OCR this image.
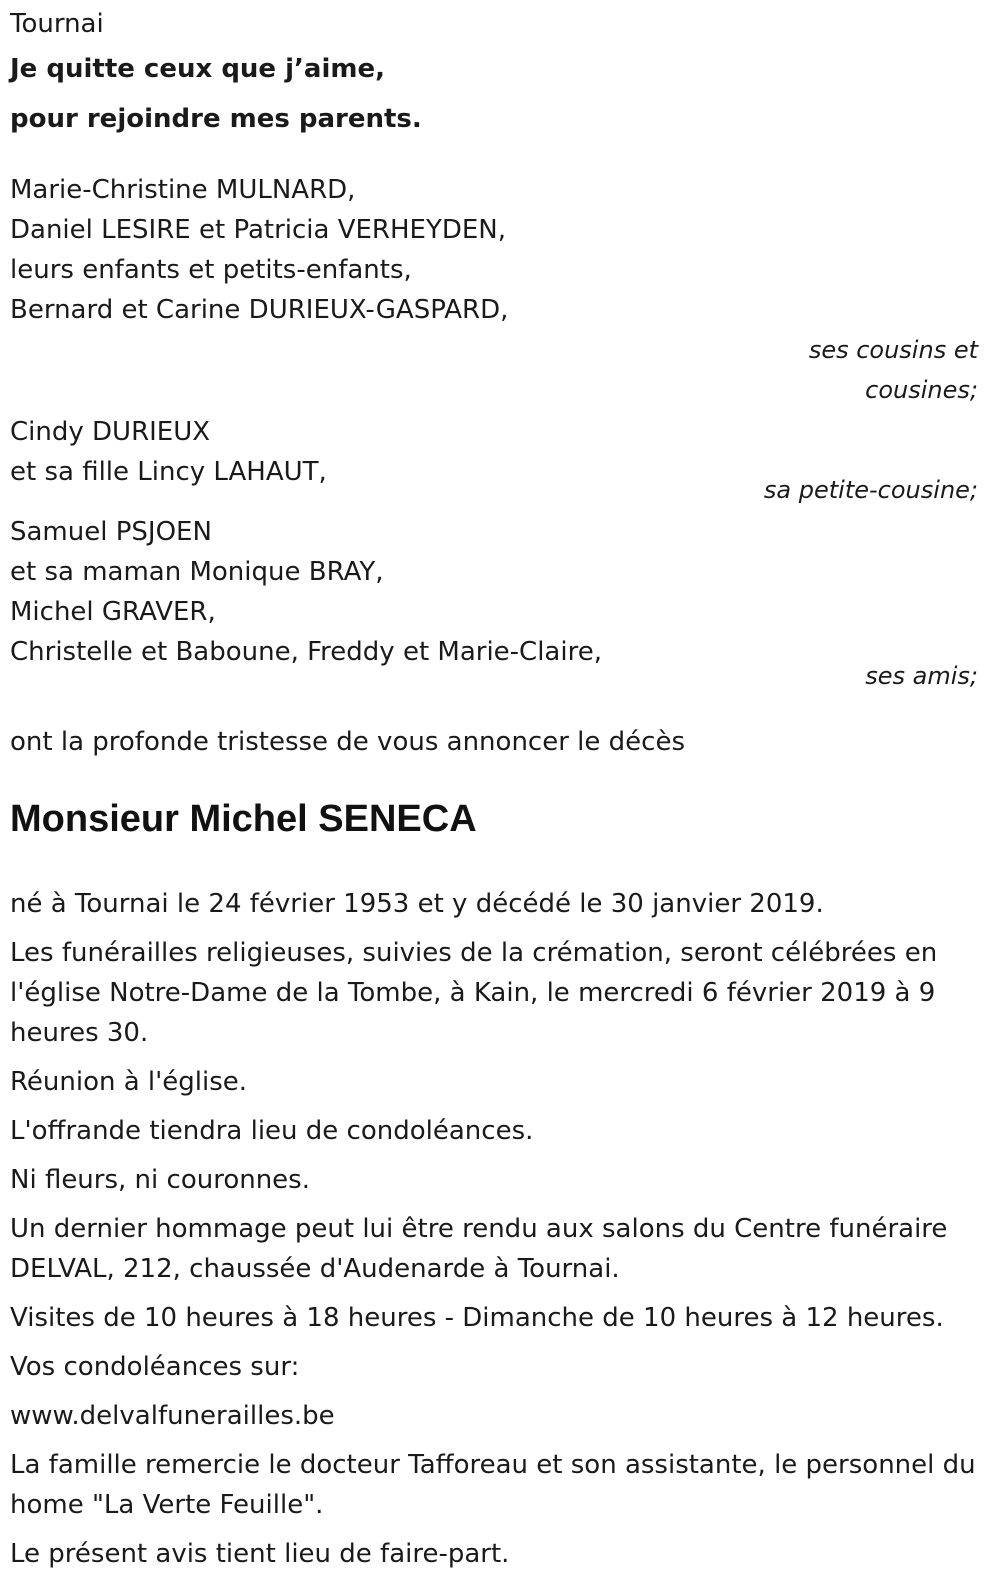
Tournai
Je quitte ceux que j’aime,
pour rejoindre mes parents.
Marie-Christine MULNARD,
Daniel LESIRE et Patricia VERHEYDEN,
leurs enfants et petits-enfants,
Bernard et Carine DURIEUX-GASPARD,
ses cousins et
cousines;
Cindy DURIEUX
et sa fille Lincy LAHAUT,
sa petite-cousine;
Samuel PSJOEN
et sa maman Monique BRAY,
Michel GRAVER,
Christelle et Baboune, Freddy et Marie-Claire,
ses amis;
ont la profonde tristesse de vous annoncer le décès
Monsieur Michel SENECA
né à Tournai le 24 février 1953 et y décédé le 30 janvier 2019.
Les funérailles religieuses, suivies de la crémation, seront célébrées en l'église Notre-Dame de la Tombe, à Kain, le mercredi 6 février 2019 à 9 heures 30.
Réunion à l'église.
L'offrande tiendra lieu de condoléances.
Ni fleurs, ni couronnes.
Un dernier hommage peut lui être rendu aux salons du Centre funéraire DELVAL, 212, chaussée d'Audenarde à Tournai.
Visites de 10 heures à 18 heures - Dimanche de 10 heures à 12 heures.
Vos condoléances sur:
www.delvalfunerailles.be
La famille remercie le docteur Tafforeau et son assistante, le personnel du home "La Verte Feuille".
Le présent avis tient lieu de faire-part.
